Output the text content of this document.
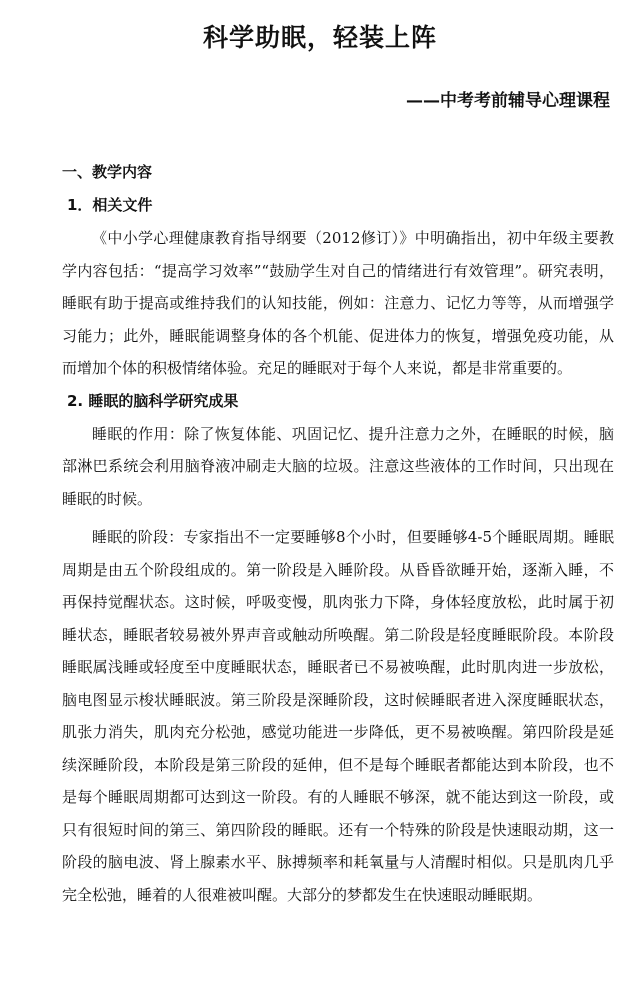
科学助眠，轻装上阵
——中考考前辅导心理课程
一、教学内容
1．相关文件

《中小学心理健康教育指导纲要（2012修订）》中明确指出，初中年级主要教学内容包括：“提高学习效率”“鼓励学生对自己的情绪进行有效管理”。研究表明，睡眠有助于提高或维持我们的认知技能，例如：注意力、记忆力等等，从而增强学习能力；此外，睡眠能调整身体的各个机能、促进体力的恢复，增强免疫功能，从而增加个体的积极情绪体验。充足的睡眠对于每个人来说，都是非常重要的。

2. 睡眠的脑科学研究成果

睡眠的作用：除了恢复体能、巩固记忆、提升注意力之外，在睡眠的时候，脑部淋巴系统会利用脑脊液冲刷走大脑的垃圾。注意这些液体的工作时间，只出现在睡眠的时候。

睡眠的阶段：专家指出不一定要睡够8个小时，但要睡够4-5个睡眠周期。睡眠周期是由五个阶段组成的。第一阶段是入睡阶段。从昏昏欲睡开始，逐渐入睡，不再保持觉醒状态。这时候，呼吸变慢，肌肉张力下降，身体轻度放松，此时属于初睡状态，睡眠者较易被外界声音或触动所唤醒。第二阶段是轻度睡眠阶段。本阶段睡眠属浅睡或轻度至中度睡眠状态，睡眠者已不易被唤醒，此时肌肉进一步放松，脑电图显示梭状睡眠波。第三阶段是深睡阶段，这时候睡眠者进入深度睡眠状态，肌张力消失，肌肉充分松弛，感觉功能进一步降低，更不易被唤醒。第四阶段是延续深睡阶段，本阶段是第三阶段的延伸，但不是每个睡眠者都能达到本阶段，也不是每个睡眠周期都可达到这一阶段。有的人睡眠不够深，就不能达到这一阶段，或只有很短时间的第三、第四阶段的睡眠。还有一个特殊的阶段是快速眼动期，这一阶段的脑电波、肾上腺素水平、脉搏频率和耗氧量与人清醒时相似。只是肌肉几乎完全松弛，睡着的人很难被叫醒。大部分的梦都发生在快速眼动睡眠期。
